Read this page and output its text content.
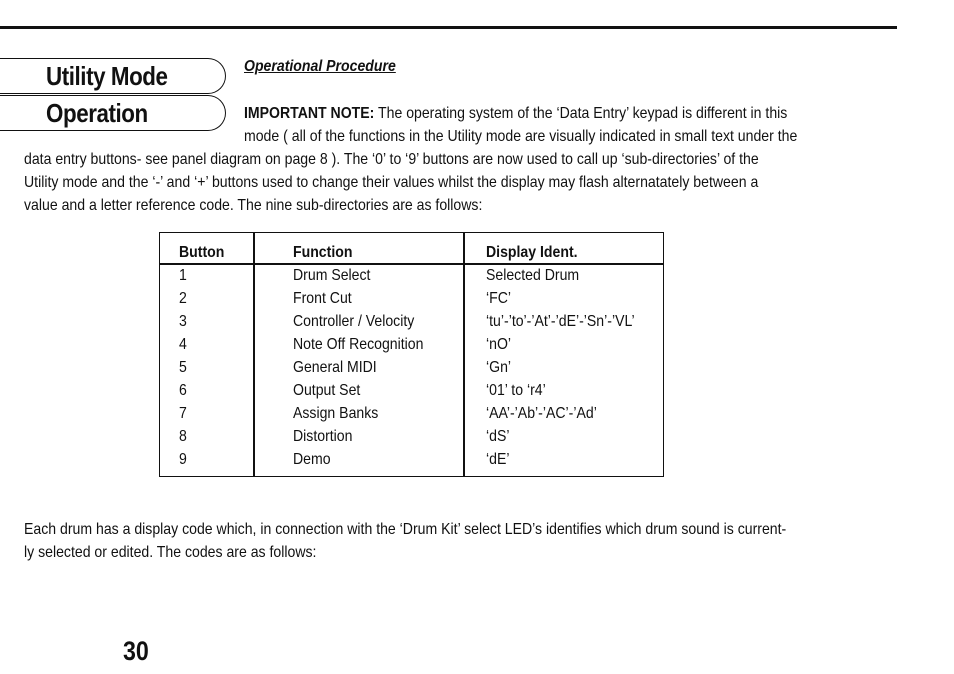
Utility Mode
Operation
Operational Procedure
IMPORTANT NOTE: The operating system of the ‘Data Entry’ keypad is different in this
mode ( all of the functions in the Utility mode are visually indicated in small text under the
data entry buttons- see panel diagram on page 8 ). The ‘0’ to ‘9’ buttons are now used to call up ‘sub-directories’ of the
Utility mode and the ‘-’ and ‘+’ buttons used to change their values whilst the display may flash alternatately between a
value and a letter reference code. The nine sub-directories are as follows:
Button	Function	Display Ident.
1	Drum Select	Selected Drum
2	Front Cut	‘FC’
3	Controller / Velocity	‘tu’-’to’-’At’-’dE’-’Sn’-’VL’
4	Note Off Recognition	‘nO’
5	General MIDI	‘Gn’
6	Output Set	‘01’ to ‘r4’
7	Assign Banks	‘AA’-’Ab’-’AC’-’Ad’
8	Distortion	‘dS’
9	Demo	‘dE’
Each drum has a display code which, in connection with the ‘Drum Kit’ select LED’s identifies which drum sound is current-
ly selected or edited. The codes are as follows:
30
